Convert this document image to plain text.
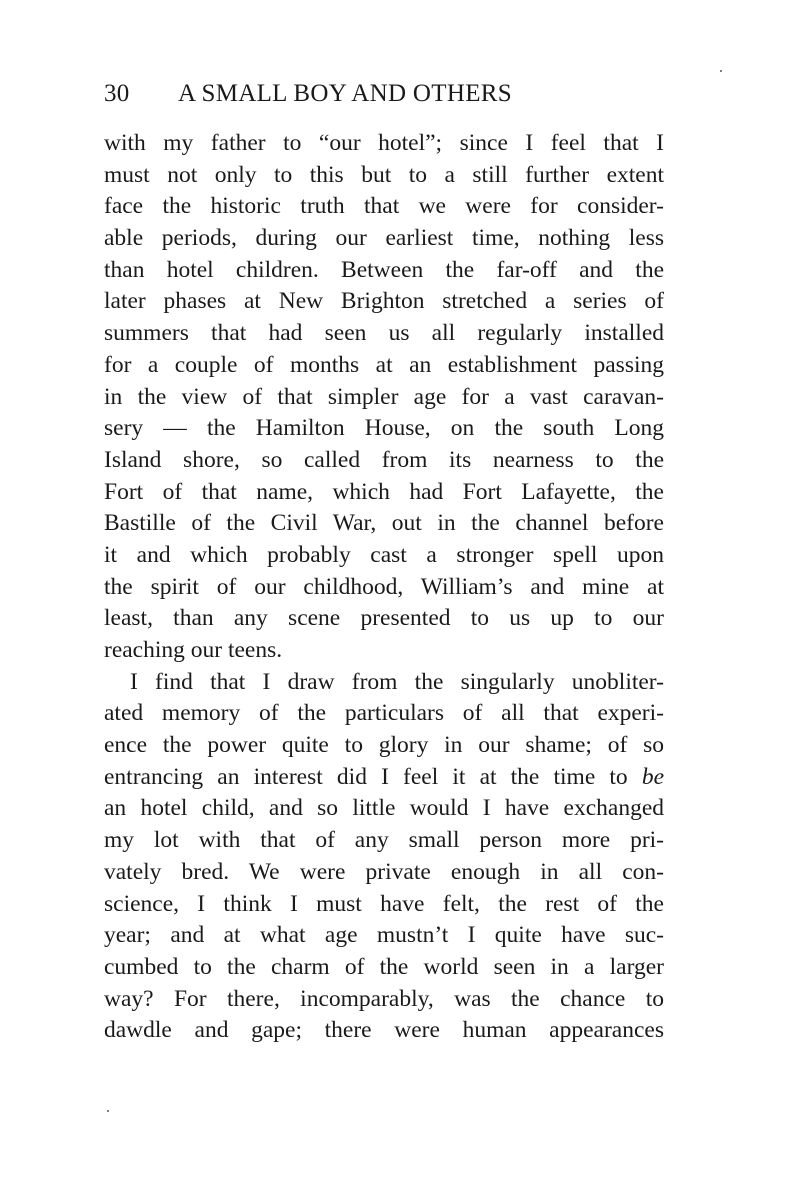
30 A SMALL BOY AND OTHERS
with my father to “our hotel”; since I feel that I
must not only to this but to a still further extent
face the historic truth that we were for consider-
able periods, during our earliest time, nothing less
than hotel children. Between the far-off and the
later phases at New Brighton stretched a series of
summers that had seen us all regularly installed
for a couple of months at an establishment passing
in the view of that simpler age for a vast caravan-
sery — the Hamilton House, on the south Long
Island shore, so called from its nearness to the
Fort of that name, which had Fort Lafayette, the
Bastille of the Civil War, out in the channel before
it and which probably cast a stronger spell upon
the spirit of our childhood, William’s and mine at
least, than any scene presented to us up to our
reaching our teens.
I find that I draw from the singularly unobliter-
ated memory of the particulars of all that experi-
ence the power quite to glory in our shame; of so
entrancing an interest did I feel it at the time to be
an hotel child, and so little would I have exchanged
my lot with that of any small person more pri-
vately bred. We were private enough in all con-
science, I think I must have felt, the rest of the
year; and at what age mustn’t I quite have suc-
cumbed to the charm of the world seen in a larger
way? For there, incomparably, was the chance to
dawdle and gape; there were human appearances
